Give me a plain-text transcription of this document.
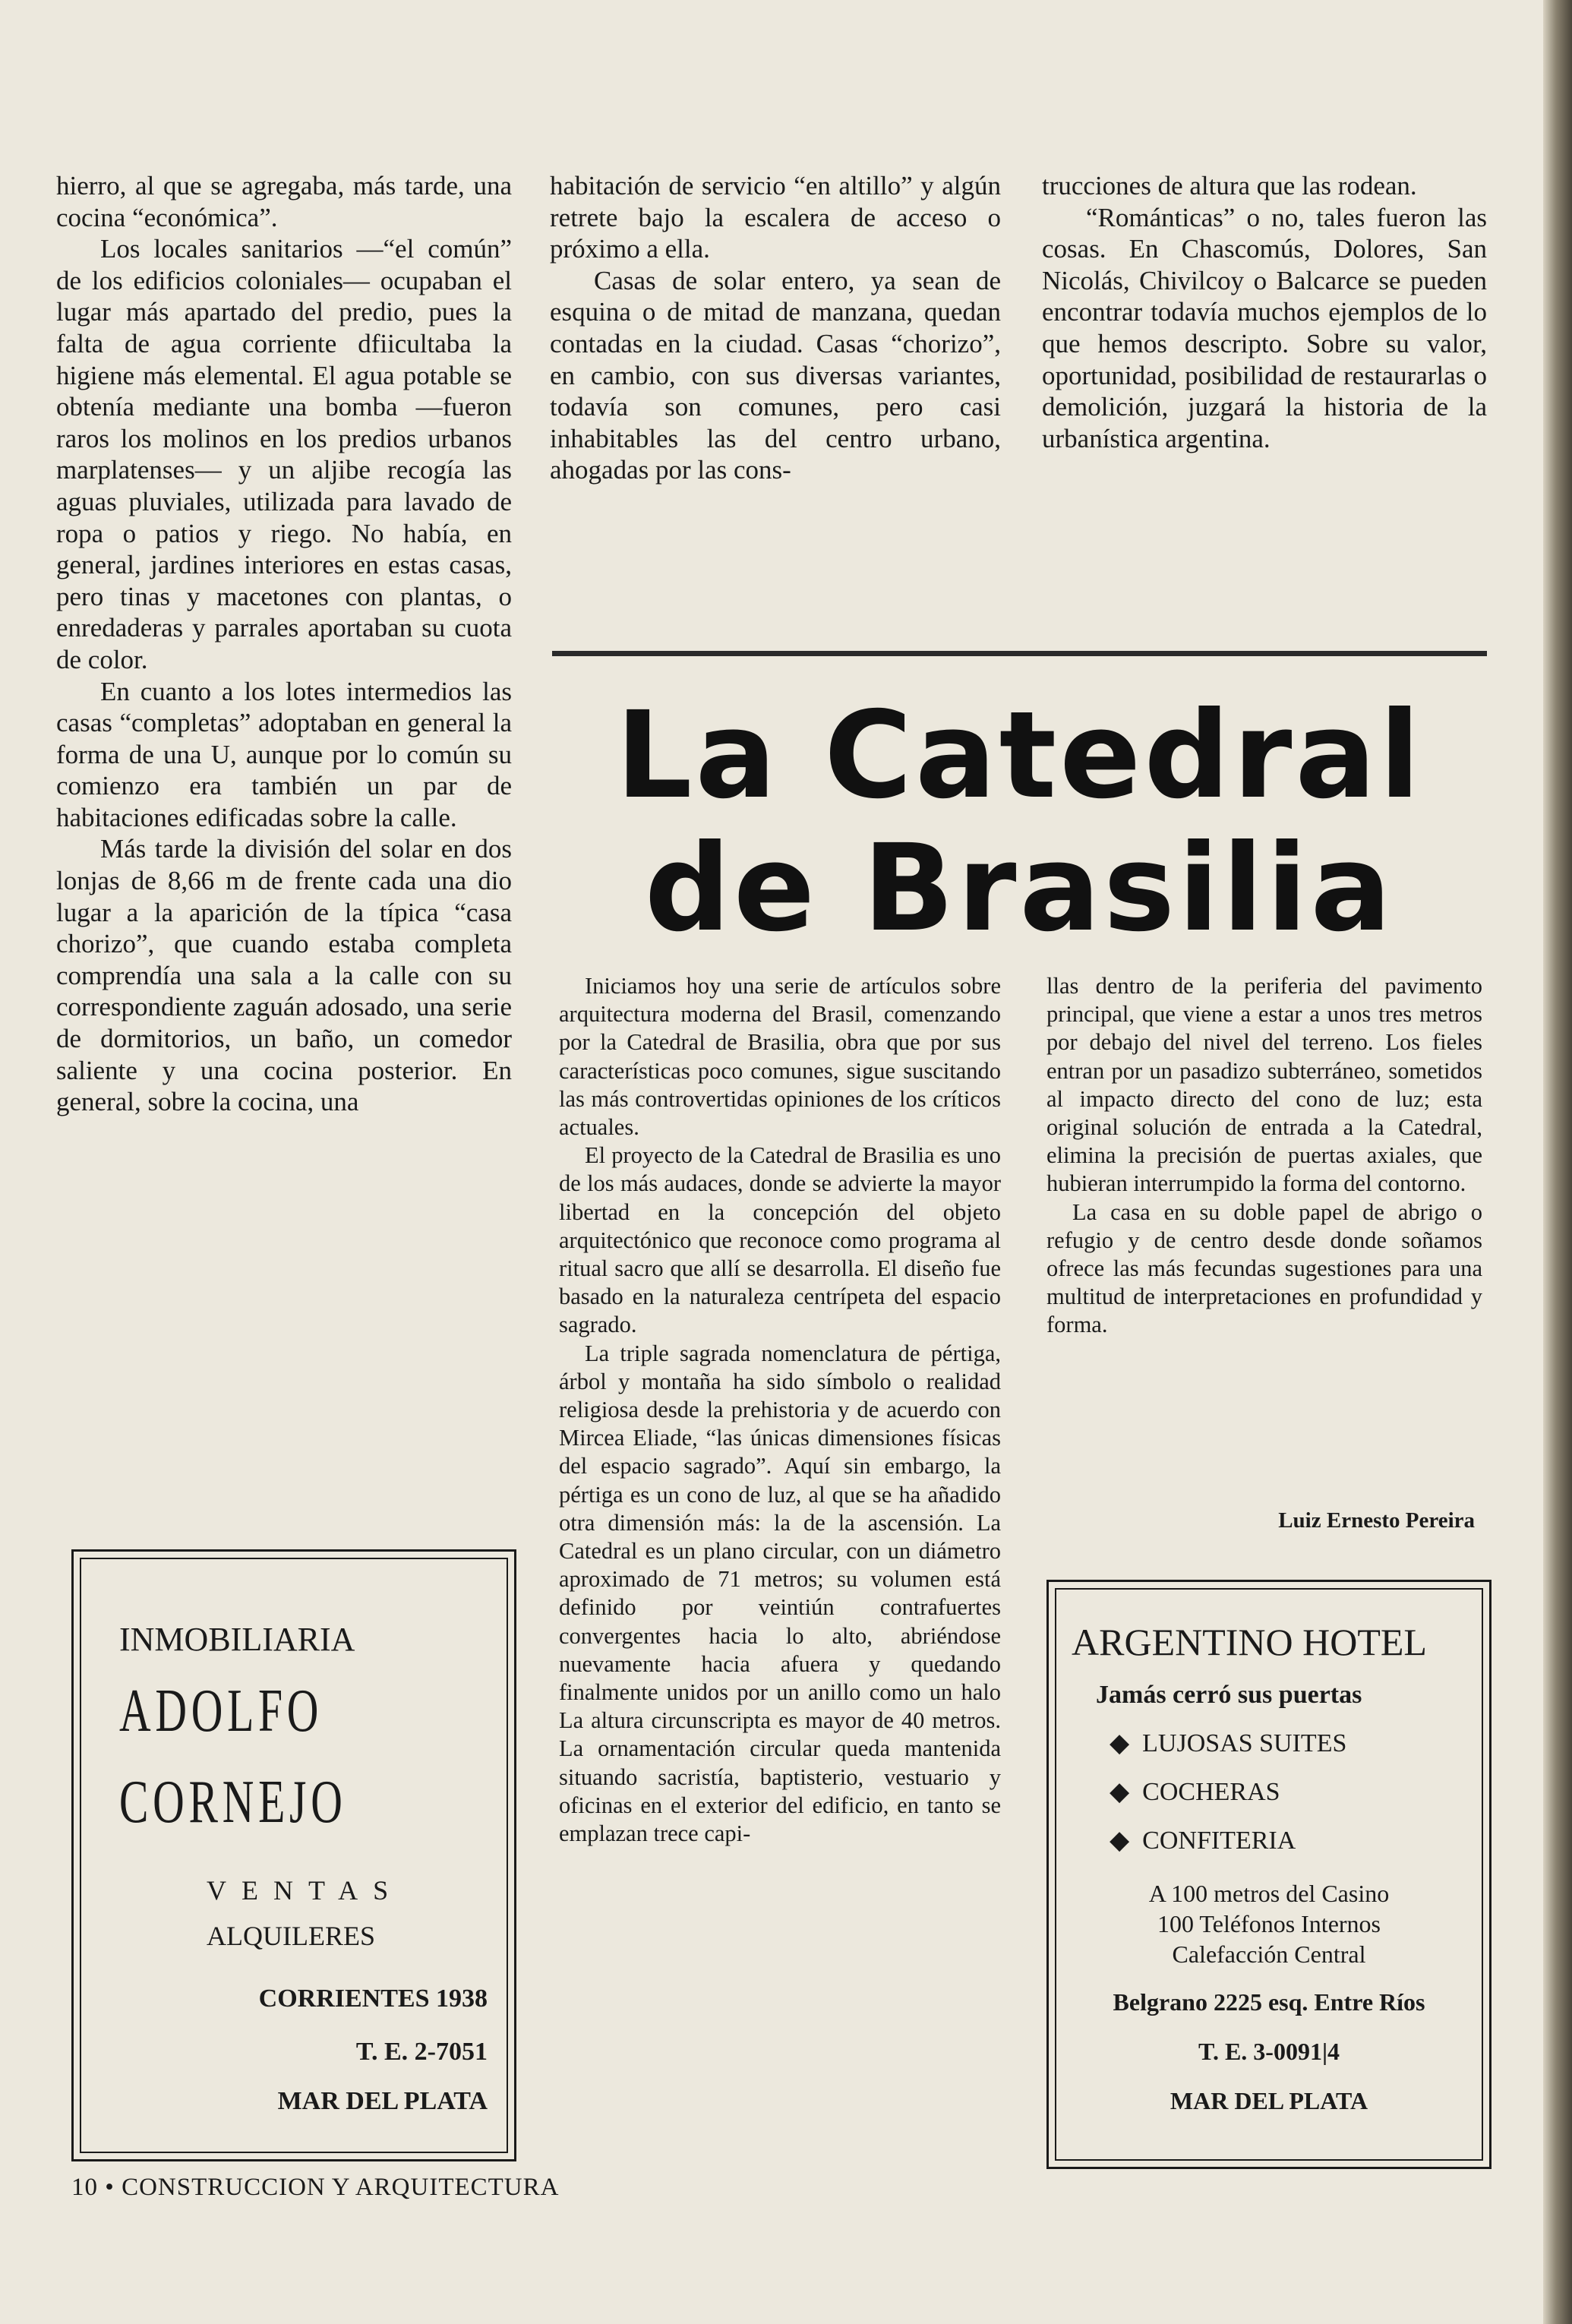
hierro, al que se agregaba, más tarde, una cocina “económica”.

Los locales sanitarios —“el común” de los edificios coloniales— ocupaban el lugar más apartado del predio, pues la falta de agua corriente dfiicultaba la higiene más elemental. El agua potable se obtenía mediante una bomba —fueron raros los molinos en los predios urbanos marplatenses— y un aljibe recogía las aguas pluviales, utilizada para lavado de ropa o patios y riego. No había, en general, jardines interiores en estas casas, pero tinas y macetones con plantas, o enredaderas y parrales aportaban su cuota de color.

En cuanto a los lotes intermedios las casas “completas” adoptaban en general la forma de una U, aunque por lo común su comienzo era también un par de habitaciones edificadas sobre la calle.

Más tarde la división del solar en dos lonjas de 8,66 m de frente cada una dio lugar a la aparición de la típica “casa chorizo”, que cuando estaba completa comprendía una sala a la calle con su correspondiente zaguán adosado, una serie de dormitorios, un baño, un comedor saliente y una cocina posterior. En general, sobre la cocina, una

habitación de servicio “en altillo” y algún retrete bajo la escalera de acceso o próximo a ella.

Casas de solar entero, ya sean de esquina o de mitad de manzana, quedan contadas en la ciudad. Casas “chorizo”, en cambio, con sus diversas variantes, todavía son comunes, pero casi inhabitables las del centro urbano, ahogadas por las cons-

trucciones de altura que las rodean.

“Románticas” o no, tales fueron las cosas. En Chascomús, Dolores, San Nicolás, Chivilcoy o Balcarce se pueden encontrar todavía muchos ejemplos de lo que hemos descripto. Sobre su valor, oportunidad, posibilidad de restaurarlas o demolición, juzgará la historia de la urbanística argentina.

La Catedral
de Brasilia

Iniciamos hoy una serie de artículos sobre arquitectura moderna del Brasil, comenzando por la Catedral de Brasilia, obra que por sus características poco comunes, sigue suscitando las más controvertidas opiniones de los críticos actuales.

El proyecto de la Catedral de Brasilia es uno de los más audaces, donde se advierte la mayor libertad en la concepción del objeto arquitectónico que reconoce como programa al ritual sacro que allí se desarrolla. El diseño fue basado en la naturaleza centrípeta del espacio sagrado.

La triple sagrada nomenclatura de pértiga, árbol y montaña ha sido símbolo o realidad religiosa desde la prehistoria y de acuerdo con Mircea Eliade, “las únicas dimensiones físicas del espacio sagrado”. Aquí sin embargo, la pértiga es un cono de luz, al que se ha añadido otra dimensión más: la de la ascensión. La Catedral es un plano circular, con un diámetro aproximado de 71 metros; su volumen está definido por veintiún contrafuertes convergentes hacia lo alto, abriéndose nuevamente hacia afuera y quedando finalmente unidos por un anillo como un halo La altura circunscripta es mayor de 40 metros. La ornamentación circular queda mantenida situando sacristía, baptisterio, vestuario y oficinas en el exterior del edificio, en tanto se emplazan trece capi-

llas dentro de la periferia del pavimento principal, que viene a estar a unos tres metros por debajo del nivel del terreno. Los fieles entran por un pasadizo subterráneo, sometidos al impacto directo del cono de luz; esta original solución de entrada a la Catedral, elimina la precisión de puertas axiales, que hubieran interrumpido la forma del contorno.

La casa en su doble papel de abrigo o refugio y de centro desde donde soñamos ofrece las más fecundas sugestiones para una multitud de interpretaciones en profundidad y forma.

Luiz Ernesto Pereira
INMOBILIARIA
ADOLFO
CORNEJO
VENTAS
ALQUILERES
CORRIENTES 1938
T. E. 2-7051
MAR DEL PLATA
ARGENTINO HOTEL
Jamás cerró sus puertas
◆ LUJOSAS SUITES
◆ COCHERAS
◆ CONFITERIA
A 100 metros del Casino
100 Teléfonos Internos
Calefacción Central
Belgrano 2225 esq. Entre Ríos
T. E. 3-0091|4
MAR DEL PLATA
10 • CONSTRUCCION Y ARQUITECTURA
